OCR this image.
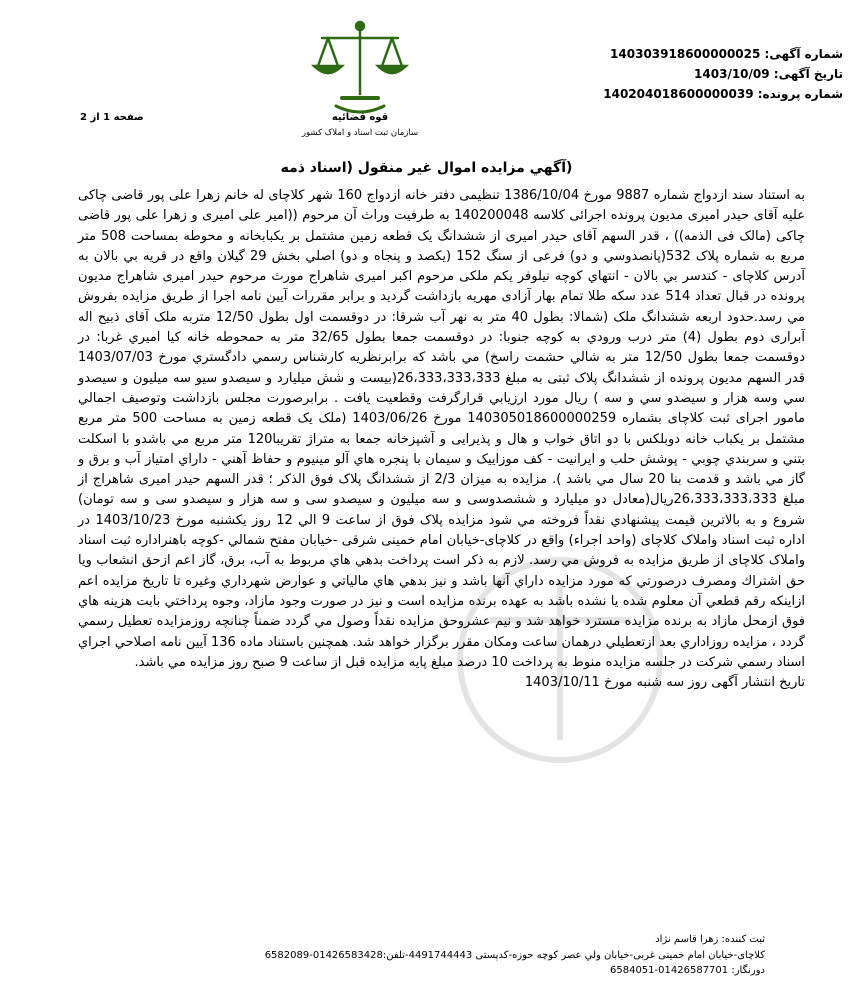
شماره آگهی: 140303918600000025
تاریخ آگهی: 1403/10/09
شماره پرونده: 140204018600000039
قوه قضائیه
سازمان ثبت اسناد و املاک کشور
صفحه 1 از 2
(آگهي مزايده اموال غير منقول (اسناد ذمه

به استناد سند ازدواج شماره 9887 مورخ 1386/10/04 تنظیمی دفتر خانه ازدواج 160 شهر کلاچای له خانم زهرا علی پور قاضی چاکی علیه آقای حیدر امیری مدیون پرونده اجرائی کلاسه 140200048 به طرفیت وراث آن مرحوم ((امیر علی امیری و زهرا علی پور قاضی چاکی (مالک فی الذمه)) ، قدر السهم آقای حیدر امیری از ششدانگ یک قطعه زمین مشتمل بر یکبابخانه و محوطه بمساحت 508 متر مربع به شماره پلاک 532(پانصدوسي و دو) فرعی از سنگ 152 (یکصد و پنجاه و دو) اصلي بخش 29 گیلان واقع در قريه بي بالان به آدرس کلاچای - کندسر بي بالان - انتهاي کوچه نیلوفر یکم ملکی مرحوم اکبر امیری شاهراج مورث مرحوم حیدر امیری شاهراج مدیون پرونده در قبال تعداد 514 عدد سکه طلا تمام بهار آزادی مهریه بازداشت گردید و برابر مقررات آیین نامه اجرا از طريق مزايده بفروش مي رسد.حدود اربعه ششدانگ ملک (شمالا: بطول 40 متر به نهر آب شرقا: در دوقسمت اول بطول 12/50 متربه ملک آقای ذبیح اله آبراری دوم بطول (4) متر درب ورودي به کوچه جنوبا: در دوقسمت جمعا بطول 32/65 متر به حمحوطه خانه کیا امیري غربا: در دوقسمت جمعا بطول 12/50 متر به شالي حشمت راسخ) مي باشد که برابرنظریه کارشناس رسمي دادگستري مورخ 1403/07/03 قدر السهم مدیون پرونده از ششدانگ پلاک ثبتی به مبلغ 26،333،333،333(بیست و شش میلیارد و سیصدو سیو سه میلیون و سیصدو سي وسه هزار و سیصدو سي و سه ) ريال مورد ارزيابي قرارگرفت وقطعيت يافت . برابرصورت مجلس بازداشت وتوصیف اجمالي مامور اجرای ثبت کلاچای بشماره 140305018600000259 مورخ 1403/06/26 (ملک یک قطعه زمین به مساحت 500 متر مربع مشتمل بر یکباب خانه دوبلکس با دو اتاق خواب و هال و پذیرایی و آشپزخانه جمعا به متراژ تقریبا120 متر مربع مي باشدو با اسکلت بتني و سربندي چوبي - پوشش حلب و ايرانيت - کف موزاییک و سیمان با پنجره هاي آلو مینیوم و حفاظ آهني - داراي امتیاز آب و برق و گاز مي باشد و قدمت بنا 20 سال مي باشد ). مزايده به ميزان 2/3 از ششدانگ پلاک فوق الذکر ؛ قدر السهم حیدر امیری شاهراج از مبلغ 26،333،333،333ريال(معادل دو ميليارد و ششصدوسی و سه ميليون و سيصدو سی و سه هزار و سيصدو سی و سه تومان) شروع و به بالاترين قيمت پيشنهادي نقداً فروخته مي شود مزايده پلاک فوق از ساعت 9 الي 12 روز يکشنبه مورخ 1403/10/23 در اداره ثبت اسناد واملاک کلاچای (واحد اجراء) واقع در کلاچای-خیابان امام خمینی شرقی -خيابان مفتح شمالي -کوچه باهنراداره ثبت اسناد واملاک کلاچای از طريق مزايده به فروش مي رسد. لازم به ذکر است پرداخت بدهي هاي مربوط به آب، برق، گاز اعم ازحق انشعاب ويا حق اشتراك ومصرف درصورتي كه مورد مزايده داراي آنها باشد و نيز بدهي هاي مالياتي و عوارض شهرداري وغيره تا تاريخ مزايده اعم ازاينكه رقم قطعي آن معلوم شده يا نشده باشد به عهده برنده مزايده است و نيز در صورت وجود مازاد، وجوه پرداختي بابت هزينه هاي فوق ازمحل مازاد به برنده مزايده مسترد خواهد شد و نيم عشروحق مزايده نقداً وصول مي گردد ضمناً چنانچه روزمزايده تعطيل رسمي گردد ، مزايده روزاداري بعد ازتعطيلي درهمان ساعت ومكان مقرر برگزار خواهد شد. همچنين باستناد ماده 136 آيين نامه اصلاحي اجراي اسناد رسمي شركت در جلسه مزايده منوط به پرداخت 10 درصد مبلغ پايه مزايده قبل از ساعت 9 صبح روز مزايده مي باشد.

تاریخ انتشار آگهی روز سه شنبه مورخ 1403/10/11

ثبت کننده: زهرا قاسم نژاد
کلاچای-خیابان امام خمینی غربی-خیابان ولي عصر کوچه حوزه-کدپستی 4491744443-تلفن:01426583428-6582089
دورنگار: 01426587701-6584051
